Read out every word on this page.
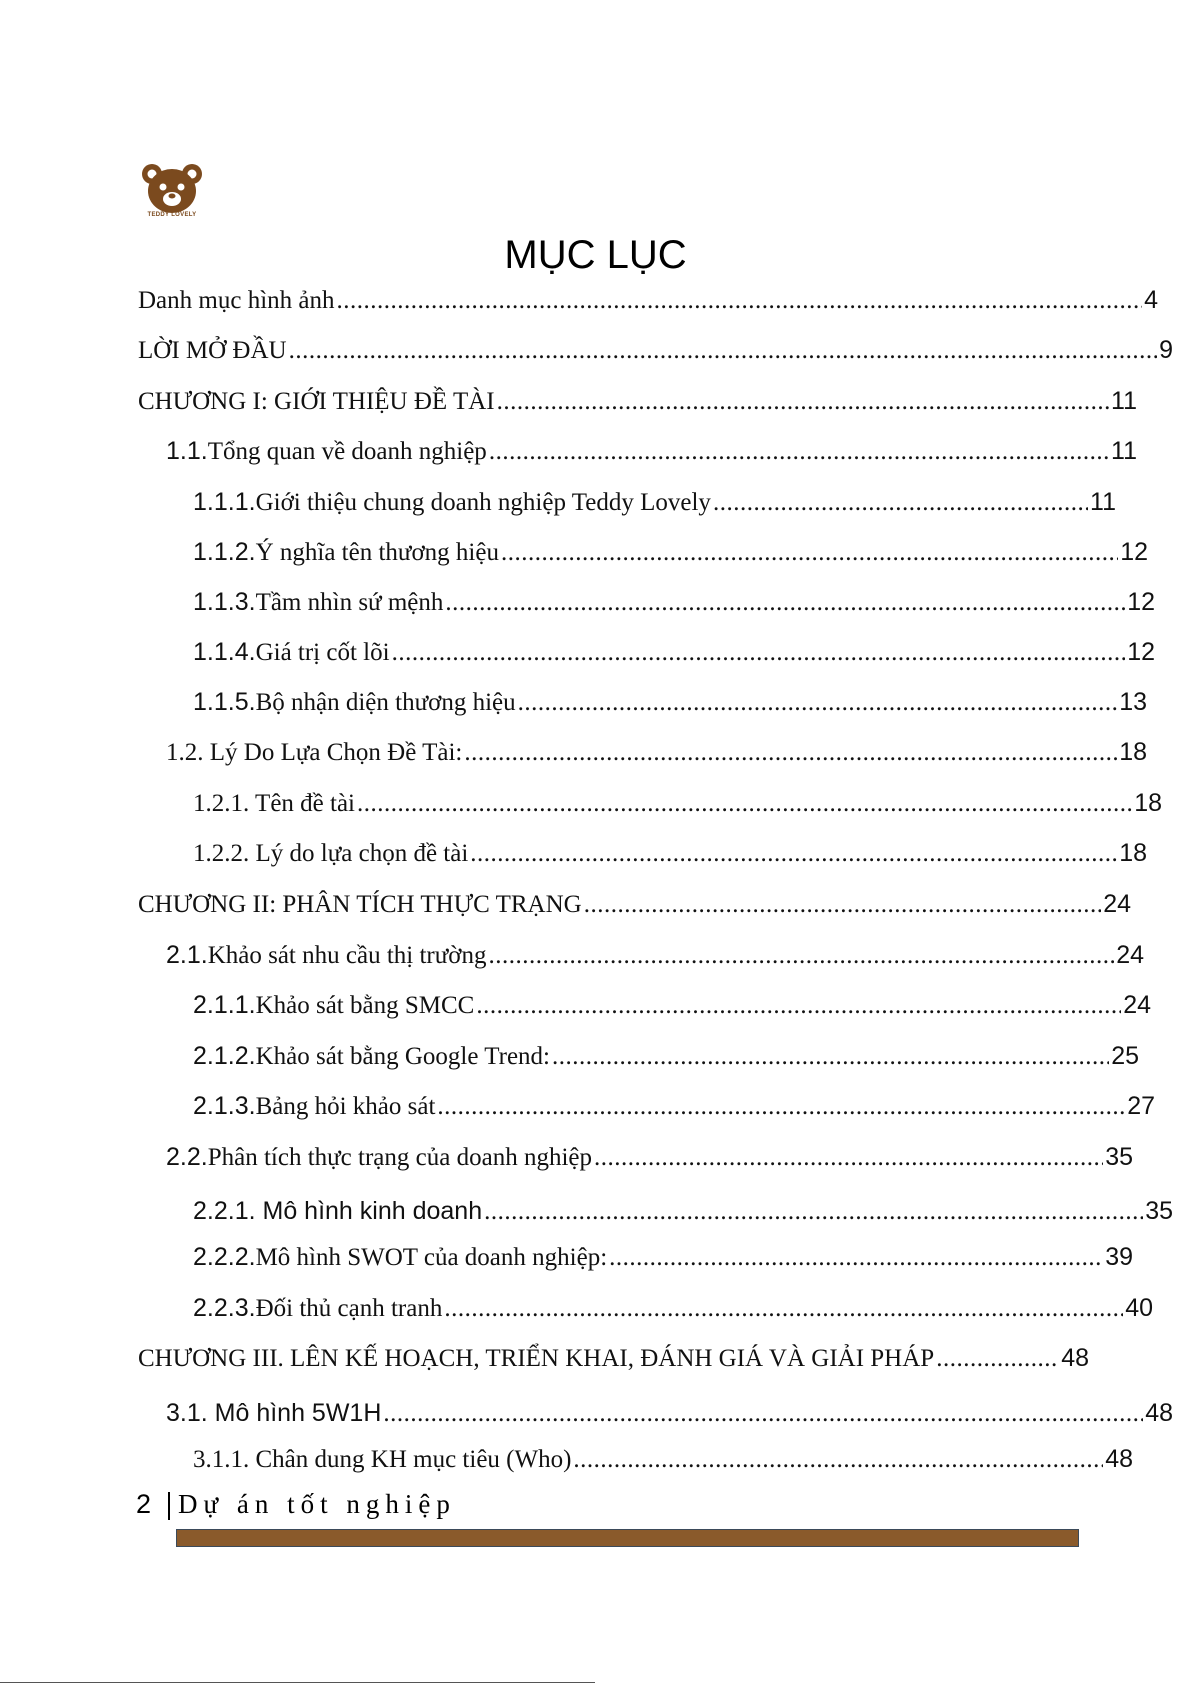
TEDDY LOVELY
MỤC LỤC
Danh mục hình ảnh .....	4
LỜI MỞ ĐẦU .....	9
CHƯƠNG I: GIỚI THIỆU ĐỀ TÀI .....	11
1.1. Tổng quan về doanh nghiệp .....	11
1.1.1. Giới thiệu chung doanh nghiệp Teddy Lovely .....	11
1.1.2. Ý nghĩa tên thương hiệu .....	12
1.1.3. Tầm nhìn sứ mệnh .....	12
1.1.4. Giá trị cốt lõi .....	12
1.1.5. Bộ nhận diện thương hiệu .....	13
1.2. Lý Do Lựa Chọn Đề Tài: .....	18
1.2.1. Tên đề tài .....	18
1.2.2. Lý do lựa chọn đề tài .....	18
CHƯƠNG II: PHÂN TÍCH THỰC TRẠNG .....	24
2.1. Khảo sát nhu cầu thị trường .....	24
2.1.1. Khảo sát bằng SMCC .....	24
2.1.2. Khảo sát bằng Google Trend: .....	25
2.1.3. Bảng hỏi khảo sát .....	27
2.2. Phân tích thực trạng của doanh nghiệp .....	35
2.2.1. Mô hình kinh doanh .....	35
2.2.2. Mô hình SWOT của doanh nghiệp: .....	39
2.2.3. Đối thủ cạnh tranh .....	40
CHƯƠNG III. LÊN KẾ HOẠCH, TRIỂN KHAI, ĐÁNH GIÁ VÀ GIẢI PHÁP .....	48
3.1. Mô hình 5W1H .....	48
3.1.1. Chân dung KH mục tiêu (Who) .....	48
2 Dự án tốt nghiệp
